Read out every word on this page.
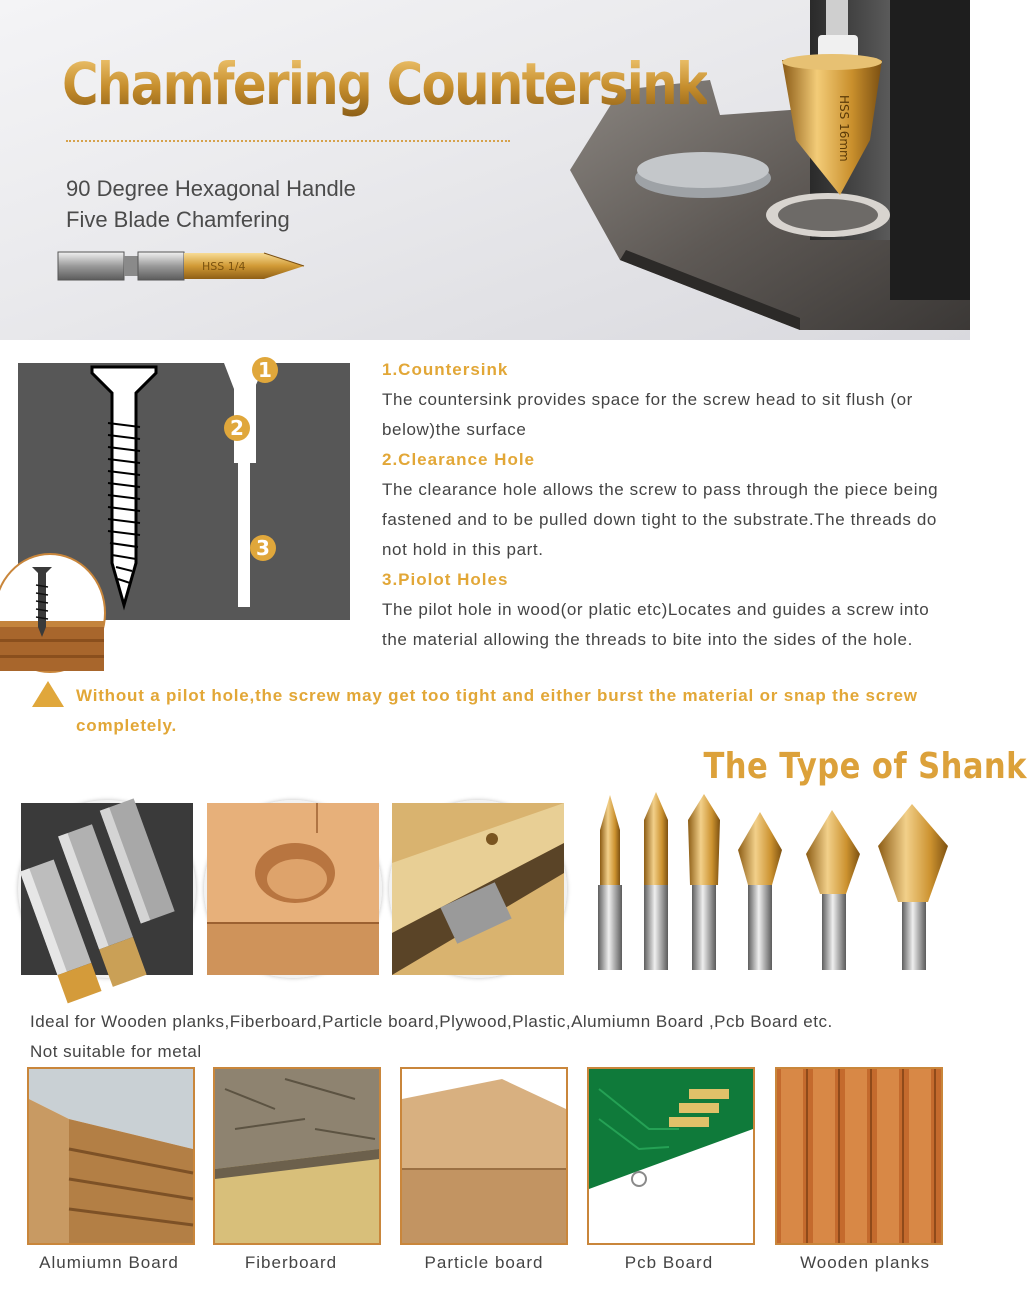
HSS 16mm
Chamfering Countersink
90 Degree Hexagonal Handle
Five Blade Chamfering
HSS 1/4
1
2
3
1.Countersink
The countersink provides space for the screw head to sit flush (or below)the surface
2.Clearance Hole
The clearance hole allows the screw to pass through the piece being fastened and to be pulled down tight to the substrate.The threads do not hold in this part.
3.Piolot Holes
The pilot hole in wood(or platic etc)Locates and guides a screw into the material allowing the threads to bite into the sides of the hole.
Without a pilot hole,the screw may get too tight and either burst the material or snap the screw completely.
The Type of Shank
Ideal for Wooden planks,Fiberboard,Particle board,Plywood,Plastic,Alumiumn Board ,Pcb Board etc.
Not suitable for metal
Alumiumn Board	Fiberboard	Particle board	Pcb Board	Wooden planks
